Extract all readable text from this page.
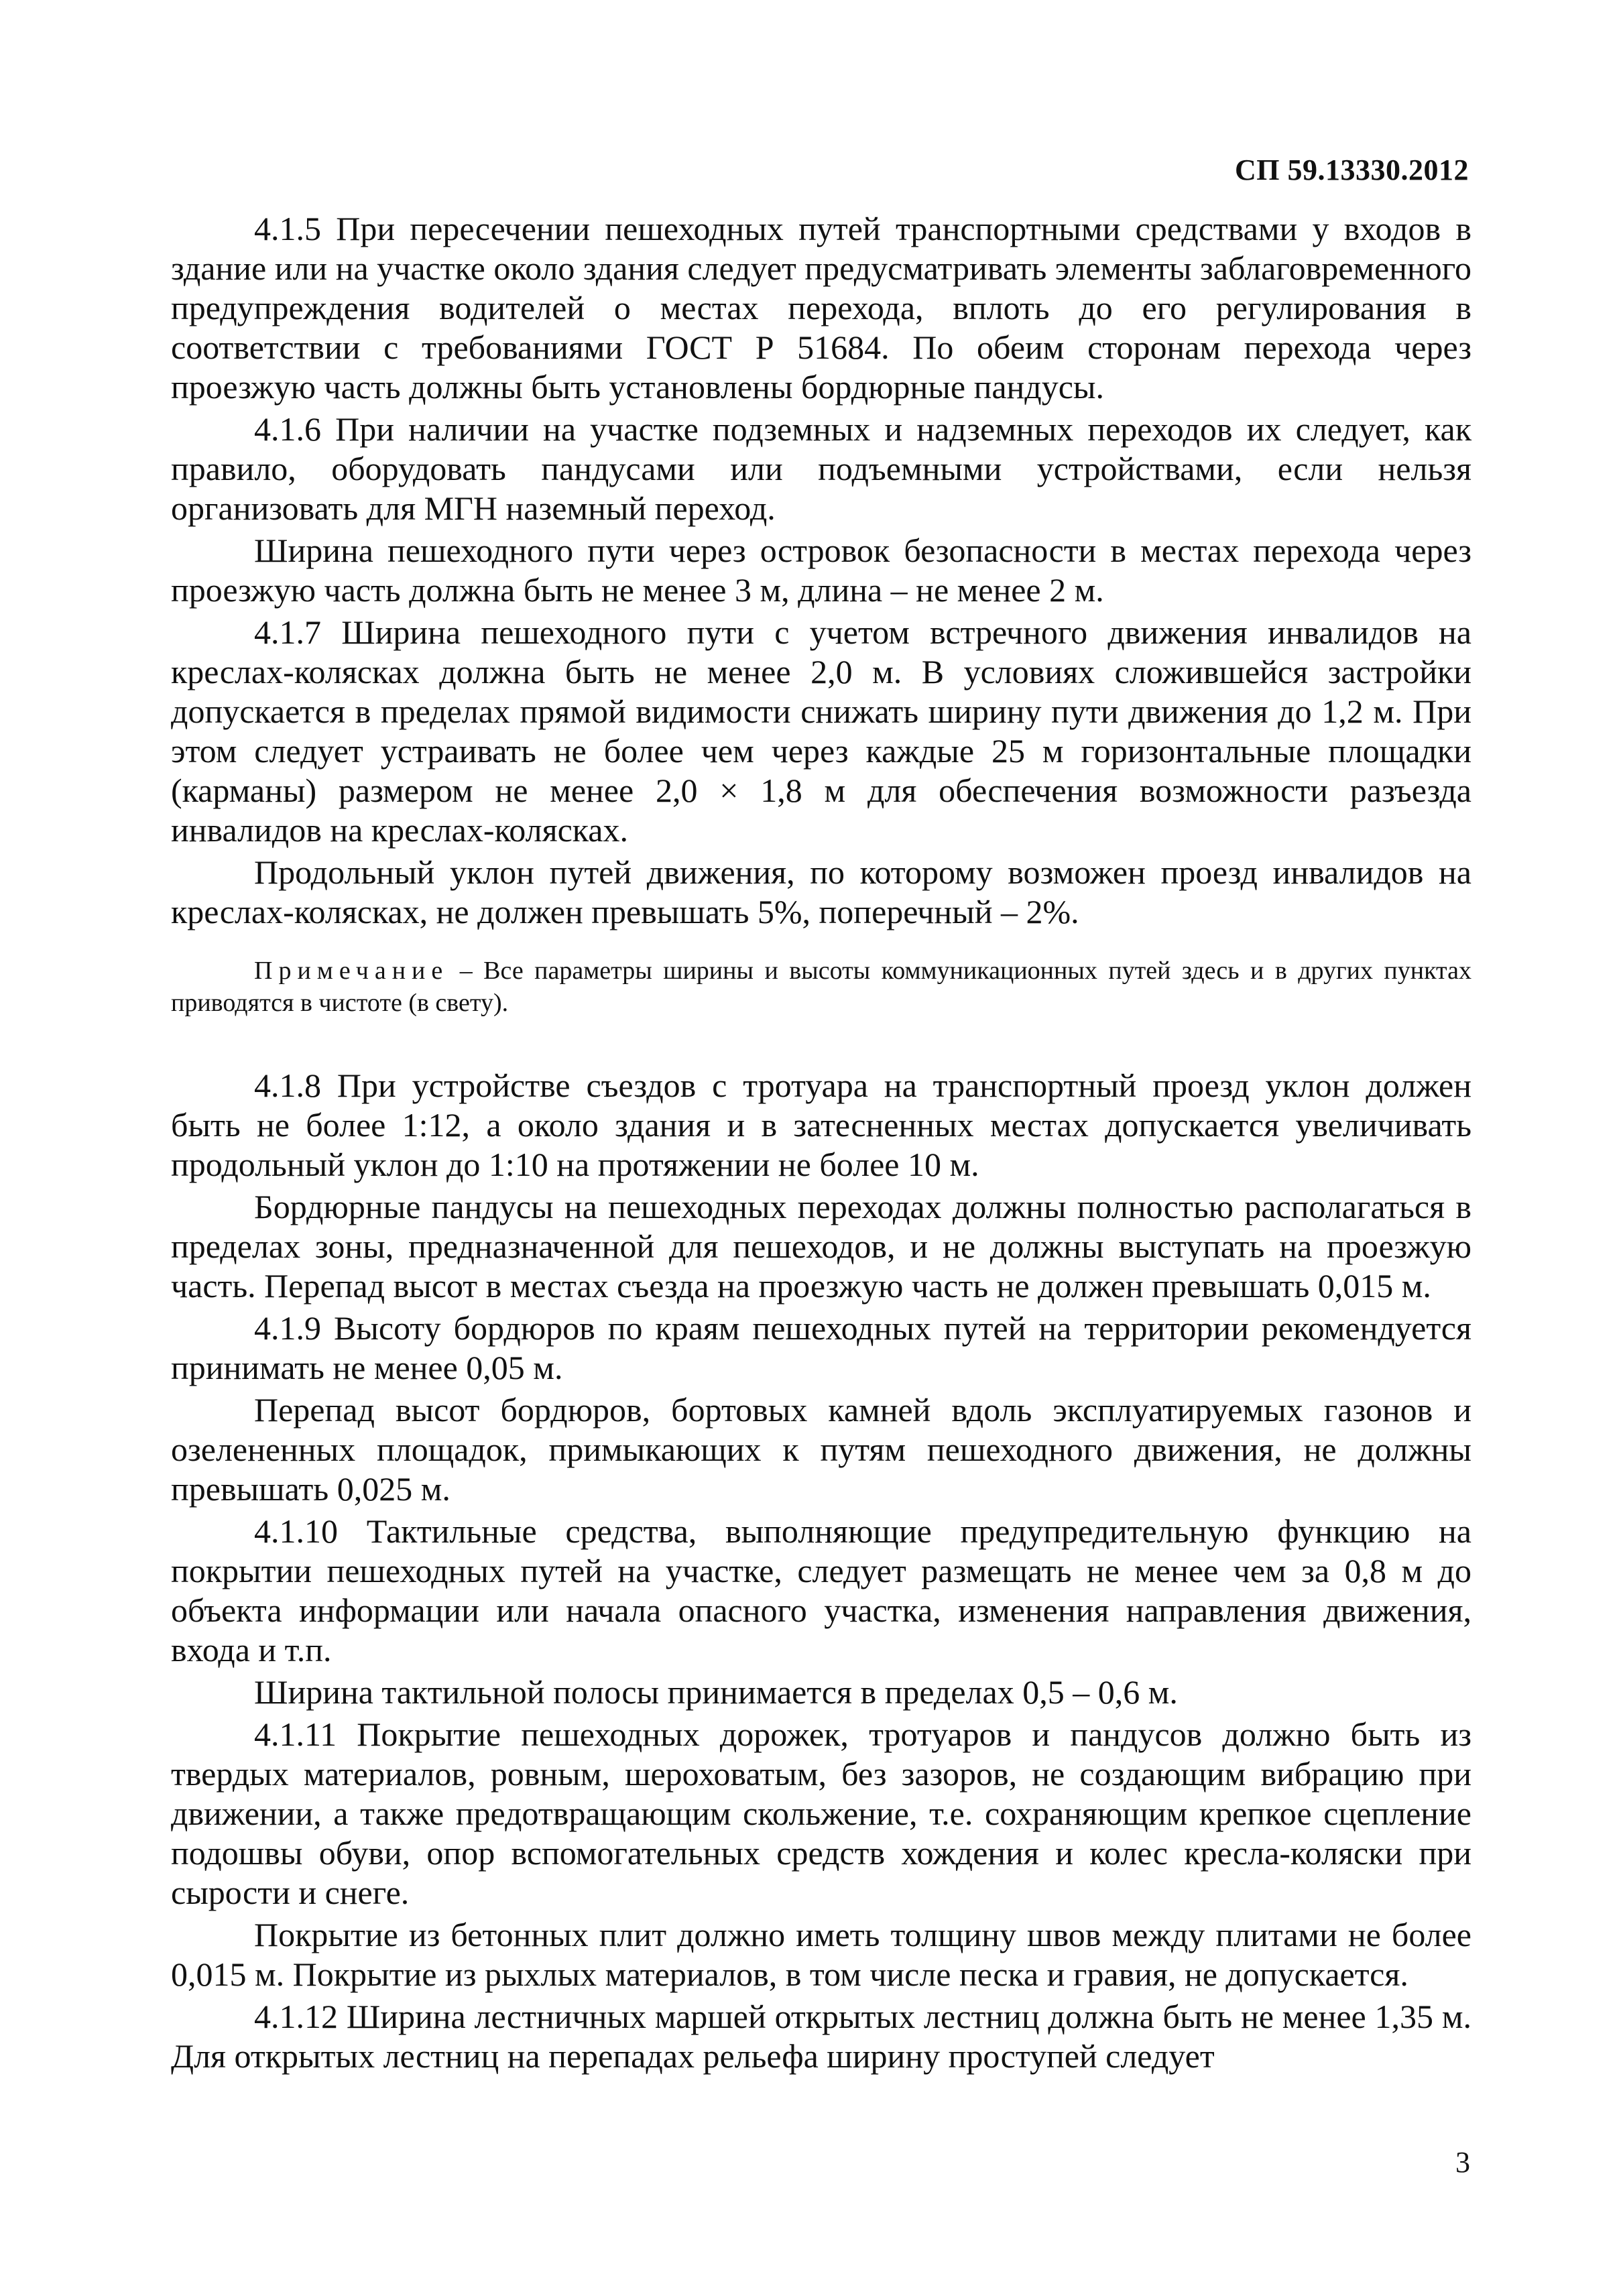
СП 59.13330.2012

4.1.5 При пересечении пешеходных путей транспортными средствами у входов в здание или на участке около здания следует предусматривать элементы заблаговременного предупреждения водителей о местах перехода, вплоть до его регулирования в соответствии с требованиями ГОСТ Р 51684. По обеим сторонам перехода через проезжую часть должны быть установлены бордюрные пандусы.

4.1.6 При наличии на участке подземных и надземных переходов их следует, как правило, оборудовать пандусами или подъемными устройствами, если нельзя организовать для МГН наземный переход.

Ширина пешеходного пути через островок безопасности в местах перехода через проезжую часть должна быть не менее 3 м, длина – не менее 2 м.

4.1.7 Ширина пешеходного пути с учетом встречного движения инвалидов на креслах-колясках должна быть не менее 2,0 м. В условиях сложившейся застройки допускается в пределах прямой видимости снижать ширину пути движения до 1,2 м. При этом следует устраивать не более чем через каждые 25 м горизонтальные площадки (карманы) размером не менее 2,0 × 1,8 м для обеспечения возможности разъезда инвалидов на креслах-колясках.

Продольный уклон путей движения, по которому возможен проезд инвалидов на креслах-колясках, не должен превышать 5%, поперечный – 2%.

Примечание – Все параметры ширины и высоты коммуникационных путей здесь и в других пунктах приводятся в чистоте (в свету).

4.1.8 При устройстве съездов с тротуара на транспортный проезд уклон должен быть не более 1:12, а около здания и в затесненных местах допускается увеличивать продольный уклон до 1:10 на протяжении не более 10 м.

Бордюрные пандусы на пешеходных переходах должны полностью располагаться в пределах зоны, предназначенной для пешеходов, и не должны выступать на проезжую часть. Перепад высот в местах съезда на проезжую часть не должен превышать 0,015 м.

4.1.9 Высоту бордюров по краям пешеходных путей на территории рекомендуется принимать не менее 0,05 м.

Перепад высот бордюров, бортовых камней вдоль эксплуатируемых газонов и озелененных площадок, примыкающих к путям пешеходного движения, не должны превышать 0,025 м.

4.1.10 Тактильные средства, выполняющие предупредительную функцию на покрытии пешеходных путей на участке, следует размещать не менее чем за 0,8 м до объекта информации или начала опасного участка, изменения направления движения, входа и т.п.

Ширина тактильной полосы принимается в пределах 0,5 – 0,6 м.

4.1.11 Покрытие пешеходных дорожек, тротуаров и пандусов должно быть из твердых материалов, ровным, шероховатым, без зазоров, не создающим вибрацию при движении, а также предотвращающим скольжение, т.е. сохраняющим крепкое сцепление подошвы обуви, опор вспомогательных средств хождения и колес кресла-коляски при сырости и снеге.

Покрытие из бетонных плит должно иметь толщину швов между плитами не более 0,015 м. Покрытие из рыхлых материалов, в том числе песка и гравия, не допускается.

4.1.12 Ширина лестничных маршей открытых лестниц должна быть не менее 1,35 м. Для открытых лестниц на перепадах рельефа ширину проступей следует

3
